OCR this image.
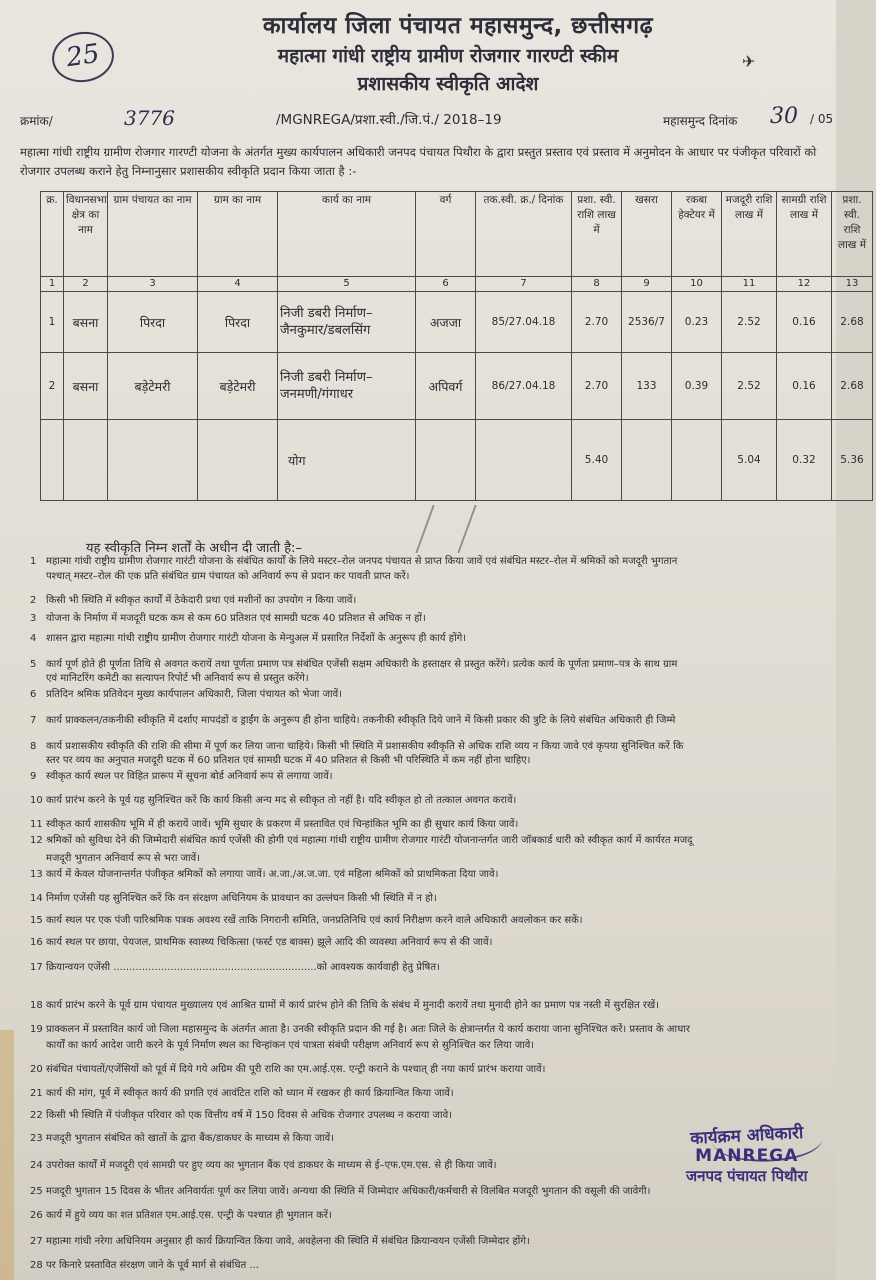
25
कार्यालय जिला पंचायत महासमुन्द, छत्तीसगढ़
महात्मा गांधी राष्ट्रीय ग्रामीण रोजगार गारण्टी स्कीम
प्रशासकीय स्वीकृति आदेश
✈
क्रमांक/	3776	/MGNREGA/प्रशा.स्वी./जि.पं./ 2018–19	महासमुन्द दिनांक 30 / 05
महात्मा गांधी राष्ट्रीय ग्रामीण रोजगार गारण्टी योजना के अंतर्गत मुख्य कार्यपालन अधिकारी जनपद पंचायत पिथौरा के द्वारा प्रस्तुत प्रस्ताव एवं प्रस्ताव में अनुमोदन के आधार पर पंजीकृत परिवारों को रोजगार उपलब्ध कराने हेतु निम्नानुसार प्रशासकीय स्वीकृति प्रदान किया जाता है :-
क्र.	विधानसभा क्षेत्र का नाम	ग्राम पंचायत का नाम	ग्राम का नाम	कार्य का नाम	वर्ग	तक.स्वी. क्र./ दिनांक	प्रशा. स्वी. राशि लाख में	खसरा	रकबा हेक्टेयर में	मजदूरी राशि लाख में	सामग्री राशि लाख में	प्रशा. स्वी. राशि लाख में
1	2	3	4	5	6	7	8	9	10	11	12	13
1	बसना	पिरदा	पिरदा	निजी डबरी निर्माण– जैनकुमार/डबलसिंग	अजजा	85/27.04.18	2.70	2536/7	0.23	2.52	0.16	2.68
2	बसना	बड़ेटेमरी	बड़ेटेमरी	निजी डबरी निर्माण– जनमणी/गंगाधर	अपिवर्ग	86/27.04.18	2.70	133	0.39	2.52	0.16	2.68
				योग			5.40			5.04	0.32	5.36
यह स्वीकृति निम्न शर्तों के अधीन दी जाती है:–
1 महात्मा गांधी राष्ट्रीय ग्रामीण रोजगार गारंटी योजना के संबंधित कार्यों के लिये मस्टर–रोल जनपद पंचायत से प्राप्त किया जावें एवं संबंधित मस्टर–रोल में श्रमिकों को मजदूरी भुगतान
पश्चात् मस्टर–रोल की एक प्रति संबंधित ग्राम पंचायत को अनिवार्य रूप से प्रदान कर पावती प्राप्त करें।
2 किसी भी स्थिति में स्वीकृत कार्यों में ठेकेदारी प्रथा एवं मशीनों का उपयोग न किया जावें।
3 योजना के निर्माण में मजदूरी घटक कम से कम 60 प्रतिशत एवं सामग्री घटक 40 प्रतिशत से अधिक न हों।
4 शासन द्वारा महात्मा गांधी राष्ट्रीय ग्रामीण रोजगार गारंटी योजना के मेन्युअल में प्रसारित निर्देशों के अनुरूप ही कार्य होंगे।
5 कार्य पूर्ण होते ही पूर्णता तिथि से अवगत करायें तथा पूर्णता प्रमाण पत्र संबंधित एजेंसी सक्षम अधिकारी के हस्ताक्षर से प्रस्तुत करेंगे। प्रत्येक कार्य के पूर्णता प्रमाण–पत्र के साथ ग्राम
एवं मानिटरिंग कमेटी का सत्यापन रिपोर्ट भी अनिवार्य रूप से प्रस्तुत करेंगे।
6 प्रतिदिन श्रमिक प्रतिवेदन मुख्य कार्यपालन अधिकारी, जिला पंचायत को भेजा जावें।
7 कार्य प्राक्कलन/तकनीकी स्वीकृति में दर्शाए मापदंडों व ड्राईंग के अनुरूप ही होना चाहिये। तकनीकी स्वीकृति दिये जाने में किसी प्रकार की त्रुटि के लिये संबंधित अधिकारी ही जिम्मे
8 कार्य प्रशासकीय स्वीकृति की राशि की सीमा में पूर्ण कर लिया जाना चाहिये। किसी भी स्थिति में प्रशासकीय स्वीकृति से अधिक राशि व्यय न किया जावे एवं कृपया सुनिश्चित करें कि
स्तर पर व्यय का अनुपात मजदूरी घटक में 60 प्रतिशत एवं सामग्री घटक में 40 प्रतिशत से किसी भी परिस्थिति में कम नहीं होना चाहिए।
9 स्वीकृत कार्य स्थल पर विहित प्रारूप में सूचना बोर्ड अनिवार्य रूप से लगाया जावें।
10 कार्य प्रारंभ करने के पूर्व यह सुनिश्चित करें कि कार्य किसी अन्य मद से स्वीकृत तो नहीं है। यदि स्वीकृत हो तो तत्काल अवगत करावें।
11 स्वीकृत कार्य शासकीय भूमि में ही करायें जावें। भूमि सुधार के प्रकरण में प्रस्तावित एवं चिन्हांकित भूमि का ही सुधार कार्य किया जावें।
12 श्रमिकों को सुविधा देने की जिम्मेदारी संबंधित कार्य एजेंसी की होगी एवं महात्मा गांधी राष्ट्रीय ग्रामीण रोजगार गारंटी योजनान्तर्गत जारी जॉबकार्ड धारी को स्वीकृत कार्य में कार्यरत मजदू
मजदूरी भुगतान अनिवार्य रूप से भरा जावें।
13 कार्य में केवल योजनान्तर्गत पंजीकृत श्रमिकों को लगाया जावें। अ.जा./अ.ज.जा. एवं महिला श्रमिकों को प्राथमिकता दिया जावे।
14 निर्माण एजेंसी यह सुनिश्चित करें कि वन संरक्षण अधिनियम के प्रावधान का उल्लंघन किसी भी स्थिति में न हो।
15 कार्य स्थल पर एक पंजी पारिश्रमिक पत्रक अवश्य रखें ताकि निगरानी समिति, जनप्रतिनिधि एवं कार्य निरीक्षण करने वाले अधिकारी अवलोकन कर सकें।
16 कार्य स्थल पर छाया, पेयजल, प्राथमिक स्वास्थ्य चिकित्सा (फर्स्ट एड बाक्स) झूले आदि की व्यवस्था अनिवार्य रूप से की जावें।
17 क्रियान्वयन एजेंसी ................................................................को आवश्यक कार्यवाही हेतु प्रेषित।
18 कार्य प्रारंभ करने के पूर्व ग्राम पंचायत मुख्यालय एवं आश्रित ग्रामों में कार्य प्रारंभ होने की तिथि के संबंध में मुनादी करायें तथा मुनादी होने का प्रमाण पत्र नस्ती में सुरक्षित रखें।
19 प्राक्कलन में प्रस्तावित कार्य जो जिला महासमुन्द के अंतर्गत आता है। उनकी स्वीकृति प्रदान की गई है। अतः जिले के क्षेत्रान्तर्गत ये कार्य कराया जाना सुनिश्चित करें। प्रस्ताव के आधार
कार्यों का कार्य आदेश जारी करने के पूर्व निर्माण स्थल का चिन्हांकन एवं पात्रता संबंधी परीक्षण अनिवार्य रूप से सुनिश्चित कर लिया जावे।
20 संबंधित पंचायतों/एजेंसियों को पूर्व में दिये गये अग्रिम की पूरी राशि का एम.आई.एस. एन्ट्री कराने के पश्चात् ही नया कार्य प्रारंभ कराया जावें।
21 कार्य की मांग, पूर्व में स्वीकृत कार्य की प्रगति एवं आवंटित राशि को ध्यान में रखकर ही कार्य क्रियान्वित किया जावें।
22 किसी भी स्थिति में पंजीकृत परिवार को एक वित्तीय वर्ष में 150 दिवस से अधिक रोजगार उपलब्ध न कराया जावे।
23 मजदूरी भुगतान संबंधित को खातों के द्वारा बैंक/डाकघर के माध्यम से किया जावें।
24 उपरोक्त कार्यों में मजदूरी एवं सामग्री पर हुए व्यय का भुगतान बैंक एवं डाकघर के माध्यम से ई–एफ.एम.एस. से ही किया जावें।
25 मजदूरी भुगतान 15 दिवस के भीतर अनिवार्यतः पूर्ण कर लिया जावें। अन्यथा की स्थिति में जिम्मेदार अधिकारी/कर्मचारी से विलंबित मजदूरी भुगतान की वसूली की जावेगी।
26 कार्य में हुये व्यय का शत प्रतिशत एम.आई.एस. एन्ट्री के पश्चात ही भुगतान करें।
27 महात्मा गांधी नरेगा अधिनियम अनुसार ही कार्य क्रियान्वित किया जावे, अवहेलना की स्थिति में संबंधित क्रियान्वयन एजेंसी जिम्मेदार होंगे।
28 पर किनारे प्रस्तावित संरक्षण जाने के पूर्व मार्ग से संबंधित ...
कार्यक्रम अधिकारी
MANREGA
जनपद पंचायत पिथौरा
